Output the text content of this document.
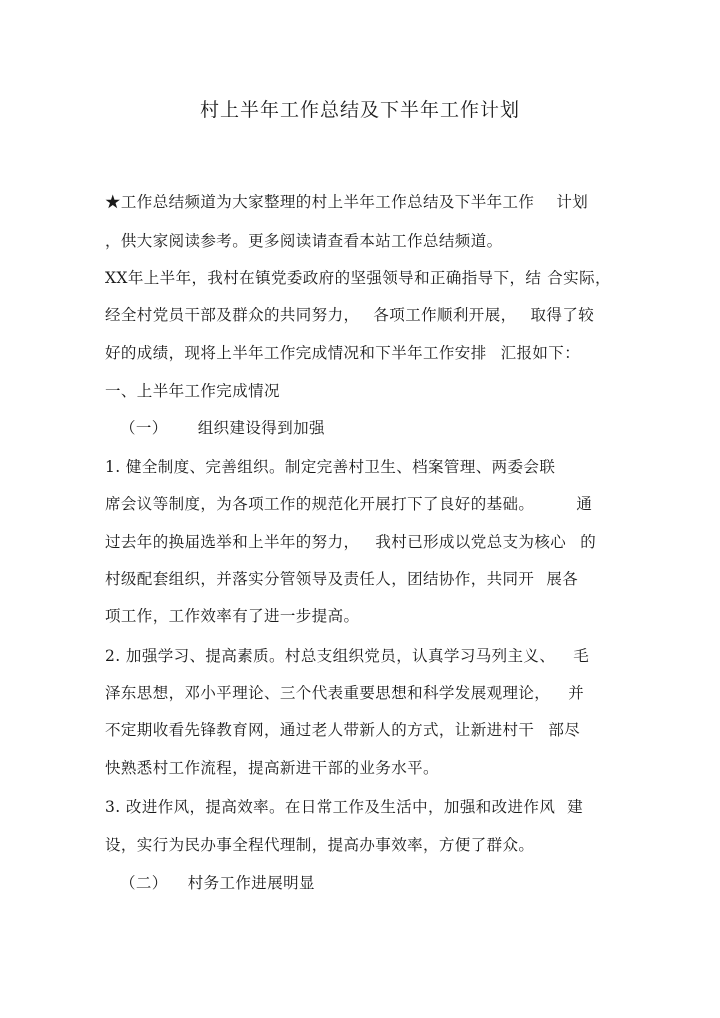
村上半年工作总结及下半年工作计划
★工作总结频道为大家整理的村上半年工作总结及下半年工作 计划
，供大家阅读参考。更多阅读请查看本站工作总结频道。
XX年上半年，我村在镇党委政府的坚强领导和正确指导下，结 合实际，
经全村党员干部及群众的共同努力， 各项工作顺利开展， 取得了较
好的成绩，现将上半年工作完成情况和下半年工作安排 汇报如下：
一、上半年工作完成情况
（一） 组织建设得到加强
1. 健全制度、完善组织。制定完善村卫生、档案管理、两委会联
席会议等制度，为各项工作的规范化开展打下了良好的基础。	通
过去年的换届选举和上半年的努力， 我村已形成以党总支为核心 的
村级配套组织，并落实分管领导及责任人，团结协作，共同开 展各
项工作，工作效率有了进一步提高。
2. 加强学习、提高素质。村总支组织党员，认真学习马列主义、 毛
泽东思想，邓小平理论、三个代表重要思想和科学发展观理论， 并
不定期收看先锋教育网，通过老人带新人的方式，让新进村干 部尽
快熟悉村工作流程，提高新进干部的业务水平。
3. 改进作风，提高效率。在日常工作及生活中，加强和改进作风 建
设，实行为民办事全程代理制，提高办事效率，方便了群众。
（二） 村务工作进展明显
